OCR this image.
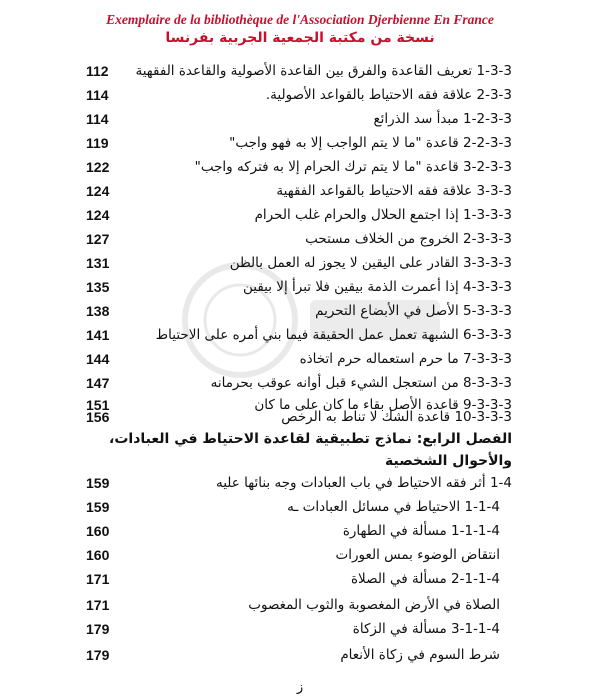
Exemplaire de la bibliothèque de l'Association Djerbienne En France
نسخة من مكتبة الجمعية الجربية بفرنسا
1-3-3 تعريف القاعدة والفرق بين القاعدة الأصولية والقاعدة الفقهية
112
2-3-3 علاقة فقه الاحتياط بالقواعد الأصولية.
114
1-2-3-3 مبدأ سد الذرائع
114
2-2-3-3 قاعدة "ما لا يتم الواجب إلا به فهو واجب"
119
3-2-3-3 قاعدة "ما لا يتم ترك الحرام إلا به فتركه واجب"
122
3-3-3 علاقة فقه الاحتياط بالقواعد الفقهية
124
1-3-3-3 إذا اجتمع الحلال والحرام غلب الحرام
124
2-3-3-3 الخروج من الخلاف مستحب
127
3-3-3-3 القادر على اليقين لا يجوز له العمل بالظن
131
4-3-3-3 إذا أعمرت الذمة بيقين فلا تبرأ إلا بيقين
135
5-3-3-3 الأصل في الأبضاع التحريم
138
6-3-3-3 الشبهة تعمل عمل الحقيقة فيما بني أمره على الاحتياط
141
7-3-3-3 ما حرم استعماله حرم اتخاذه
144
8-3-3-3 من استعجل الشيء قبل أوانه عوقب بحرمانه
147
9-3-3-3 قاعدة الأصل بقاء ما كان على ما كان
151
10-3-3-3 قاعدة الشك لا تناط به الرخص
156
الفصل الرابع: نماذج تطبيقية لقاعدة الاحتياط في العبادات، والأحوال الشخصية
1-4 أثر فقه الاحتياط في باب العبادات وجه بنائها عليه
159
1-1-4 الاحتياط في مسائل العبادات ـه
159
1-1-1-4 مسألة في الطهارة
160
انتقاض الوضوء بمس العورات
160
2-1-1-4 مسألة في الصلاة
171
الصلاة في الأرض المغصوبة والثوب المغصوب
171
3-1-1-4 مسألة في الزكاة
179
شرط السوم في زكاة الأنعام
179
ز
